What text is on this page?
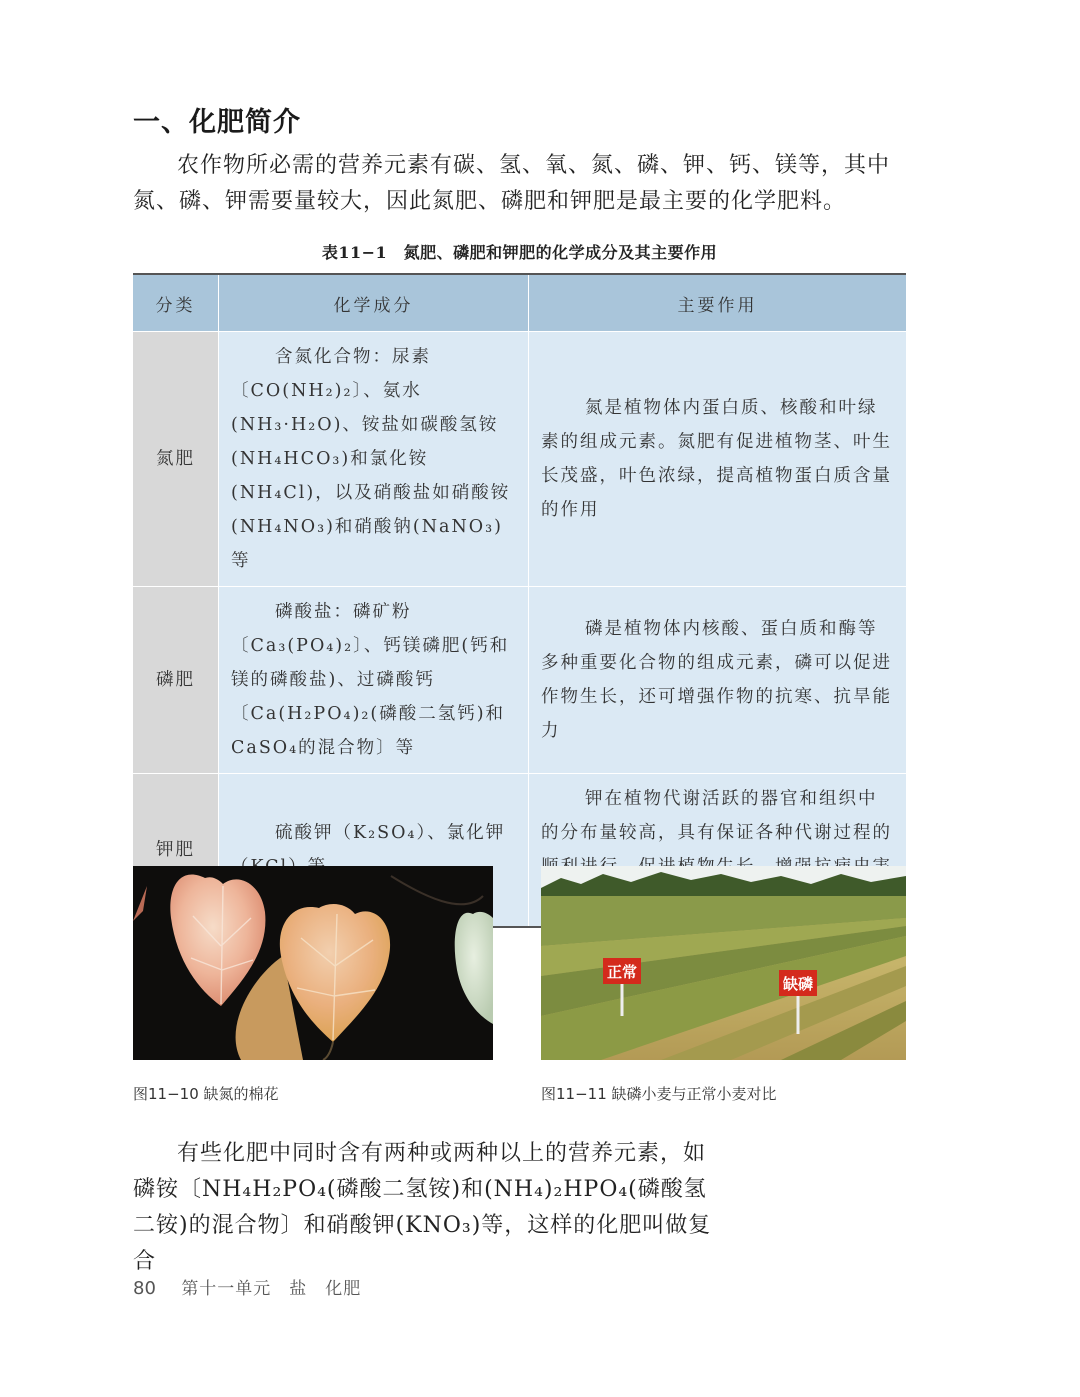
一、化肥简介
农作物所必需的营养元素有碳、氢、氧、氮、磷、钾、钙、镁等，其中氮、磷、钾需要量较大，因此氮肥、磷肥和钾肥是最主要的化学肥料。
表11−1　氮肥、磷肥和钾肥的化学成分及其主要作用
分类	化学成分	主要作用
氮肥	含氮化合物：尿素〔CO(NH₂)₂〕、氨水(NH₃·H₂O)、铵盐如碳酸氢铵(NH₄HCO₃)和氯化铵(NH₄Cl)，以及硝酸盐如硝酸铵(NH₄NO₃)和硝酸钠(NaNO₃)等	氮是植物体内蛋白质、核酸和叶绿素的组成元素。氮肥有促进植物茎、叶生长茂盛，叶色浓绿，提高植物蛋白质含量的作用
磷肥	磷酸盐：磷矿粉〔Ca₃(PO₄)₂〕、钙镁磷肥(钙和镁的磷酸盐)、过磷酸钙〔Ca(H₂PO₄)₂(磷酸二氢钙)和CaSO₄的混合物〕等	磷是植物体内核酸、蛋白质和酶等多种重要化合物的组成元素，磷可以促进作物生长，还可增强作物的抗寒、抗旱能力
钾肥	硫酸钾（K₂SO₄）、氯化钾	钾在植物代谢活跃的器官和组织中的分布量较高，具有保证各种代谢过程的
正常
缺磷
图11−10 缺氮的棉花	图11−11 缺磷小麦与正常小麦对比
有些化肥中同时含有两种或两种以上的营养元素，如磷铵〔NH₄H₂PO₄(磷酸二氢铵)和(NH₄)₂HPO₄(磷酸氢二铵)的混合物〕和硝酸钾(KNO₃)等，这样的化肥叫做复合
80 第十一单元　盐　化肥
